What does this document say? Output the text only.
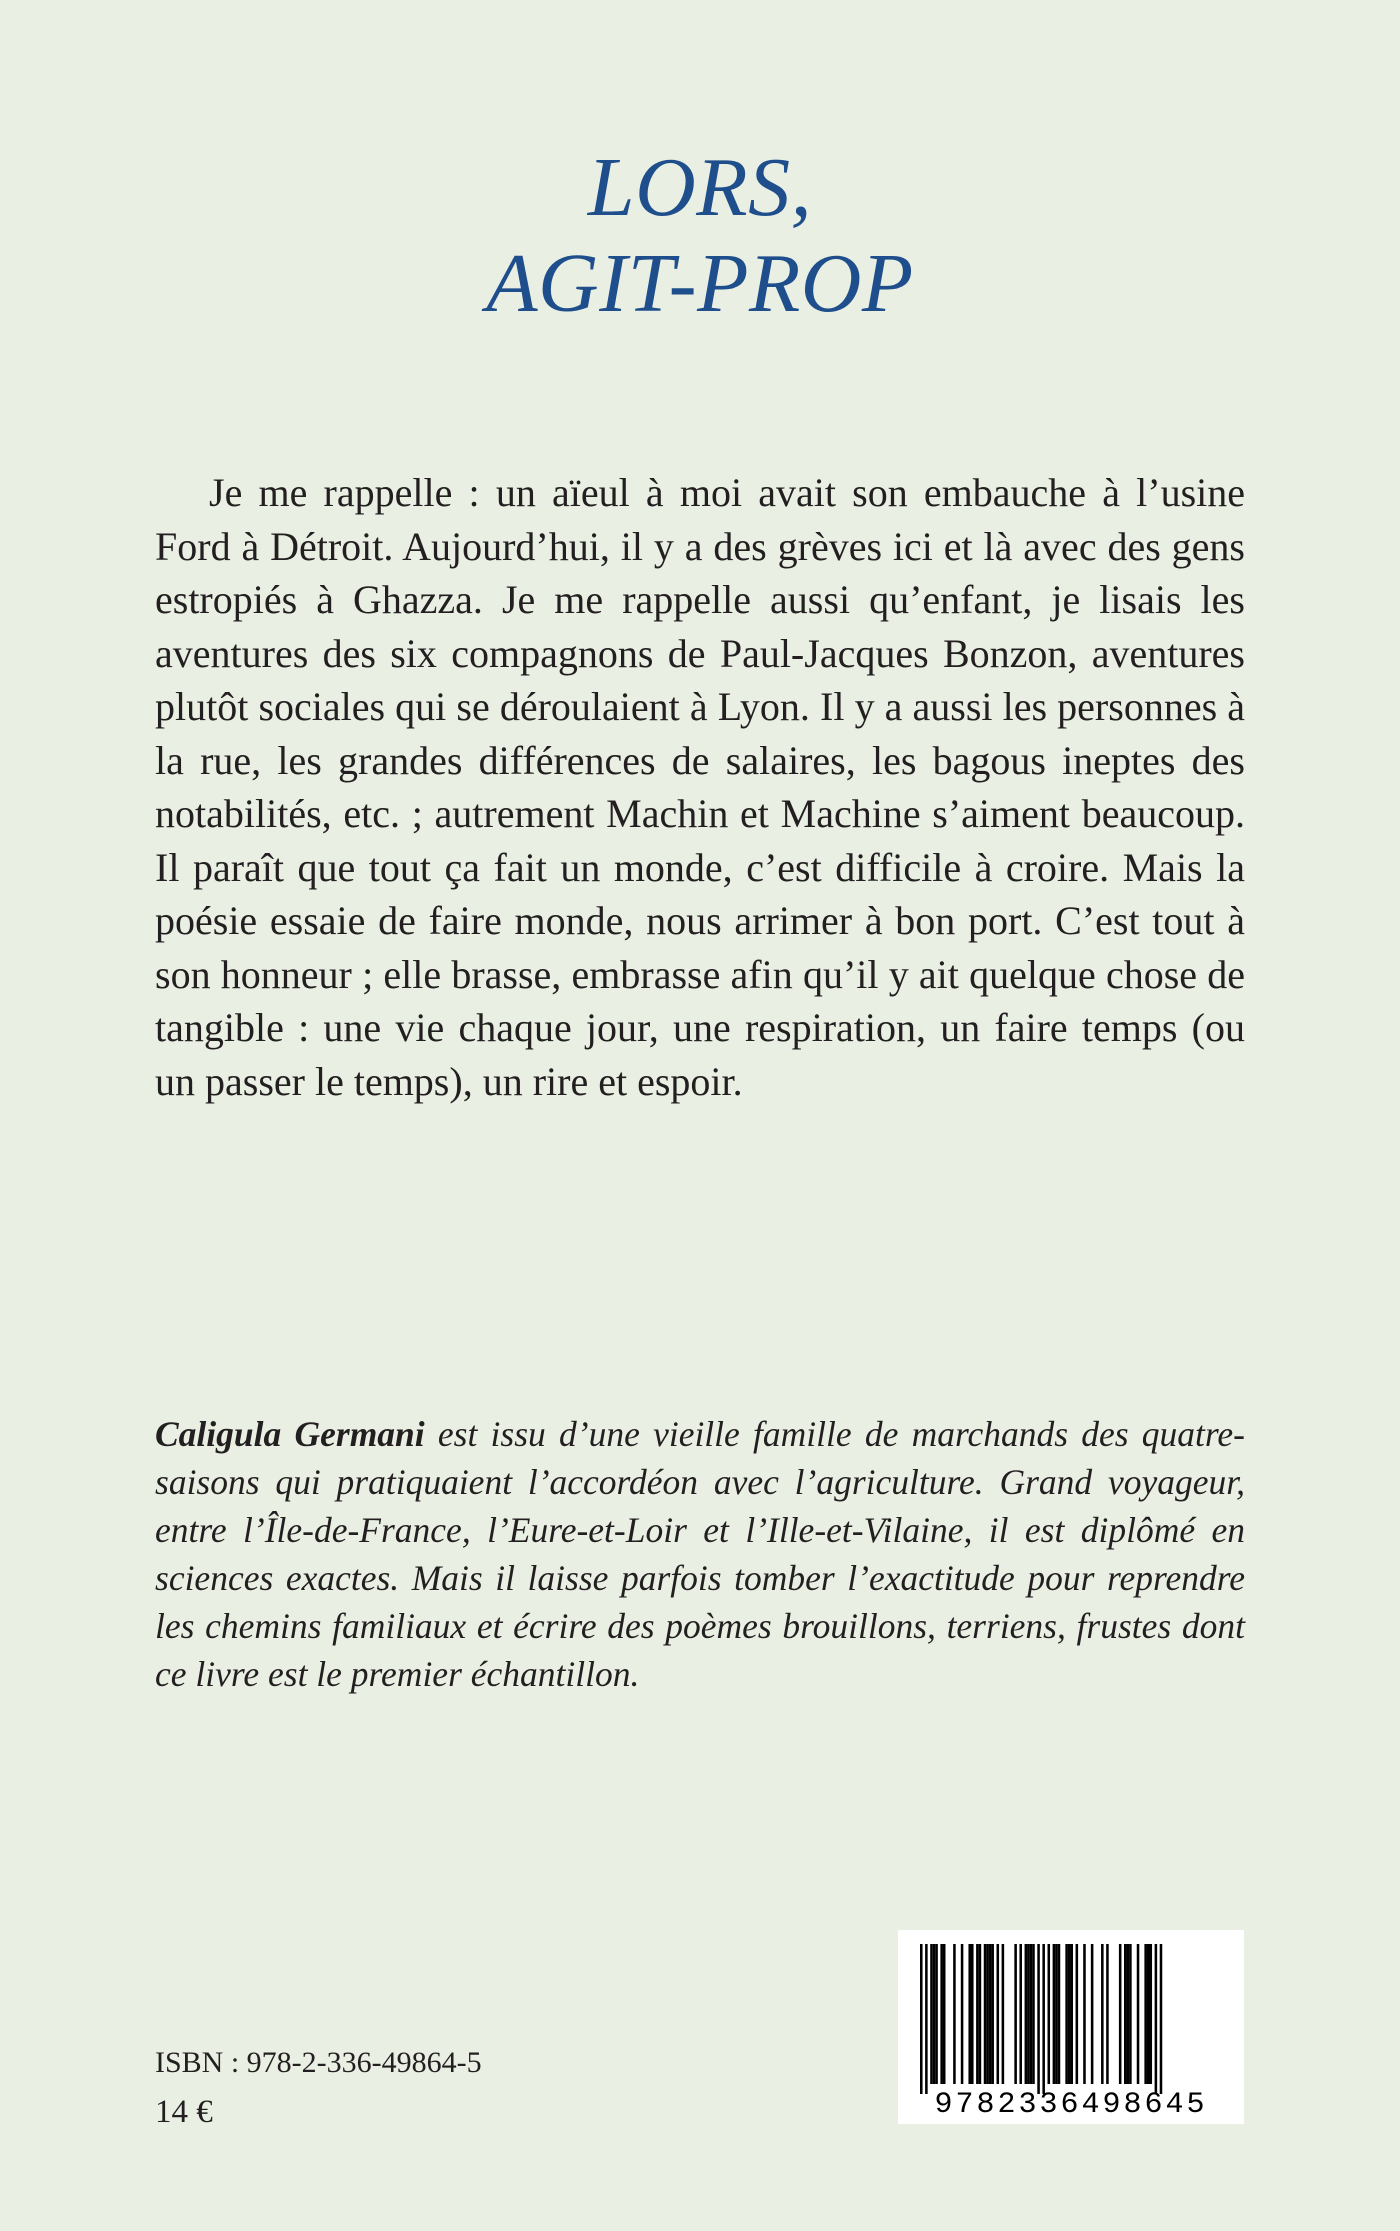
LORS,
AGIT-PROP

Je me rappelle : un aïeul à moi avait son embauche à l’usine Ford à Détroit. Aujourd’hui, il y a des grèves ici et là avec des gens estropiés à Ghazza. Je me rappelle aussi qu’enfant, je lisais les aventures des six compagnons de Paul-Jacques Bonzon, aventures plutôt sociales qui se déroulaient à Lyon. Il y a aussi les personnes à la rue, les grandes différences de salaires, les bagous ineptes des notabilités, etc. ; autrement Machin et Machine s’aiment beaucoup. Il paraît que tout ça fait un monde, c’est difficile à croire. Mais la poésie essaie de faire monde, nous arrimer à bon port. C’est tout à son honneur ; elle brasse, embrasse afin qu’il y ait quelque chose de tangible : une vie chaque jour, une respiration, un faire temps (ou un passer le temps), un rire et espoir.

Caligula Germani est issu d’une vieille famille de marchands des quatre-saisons qui pratiquaient l’accordéon avec l’agriculture. Grand voyageur, entre l’Île-de-France, l’Eure-et-Loir et l’Ille-et-Vilaine, il est diplômé en sciences exactes. Mais il laisse parfois tomber l’exactitude pour reprendre les chemins familiaux et écrire des poèmes brouillons, terriens, frustes dont ce livre est le premier échantillon.

ISBN : 978-2-336-49864-5
14 €	9782336498645
